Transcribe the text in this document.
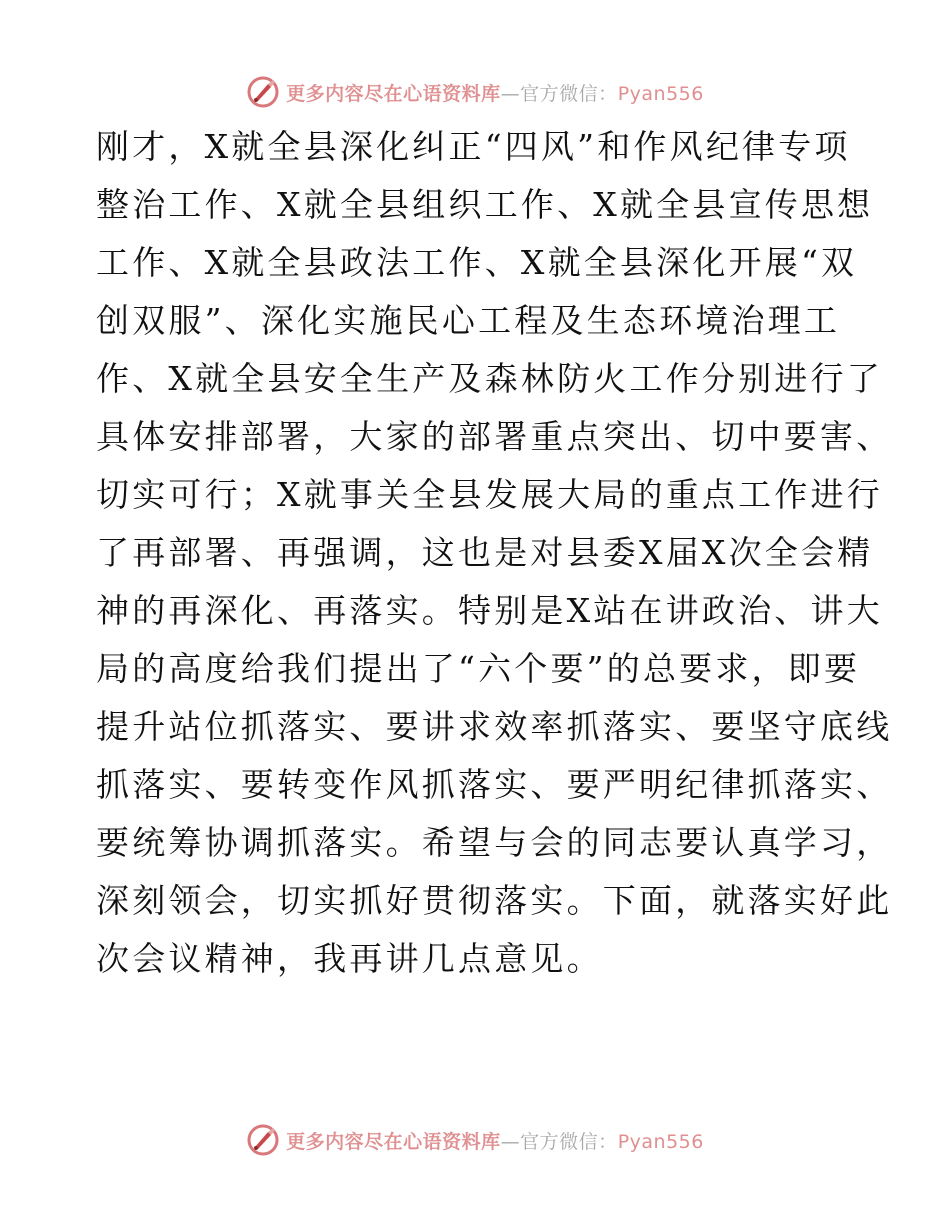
更多内容尽在心语资料库—官方微信：Pyan556
刚才，X就全县深化纠正“四风”和作风纪律专项
整治工作、X就全县组织工作、X就全县宣传思想
工作、X就全县政法工作、X就全县深化开展“双
创双服”、深化实施民心工程及生态环境治理工
作、X就全县安全生产及森林防火工作分别进行了
具体安排部署，大家的部署重点突出、切中要害、
切实可行；X就事关全县发展大局的重点工作进行
了再部署、再强调，这也是对县委X届X次全会精
神的再深化、再落实。特别是X站在讲政治、讲大
局的高度给我们提出了“六个要”的总要求，即要
提升站位抓落实、要讲求效率抓落实、要坚守底线
抓落实、要转变作风抓落实、要严明纪律抓落实、
要统筹协调抓落实。希望与会的同志要认真学习，
深刻领会，切实抓好贯彻落实。下面，就落实好此
次会议精神，我再讲几点意见。
更多内容尽在心语资料库—官方微信：Pyan556
